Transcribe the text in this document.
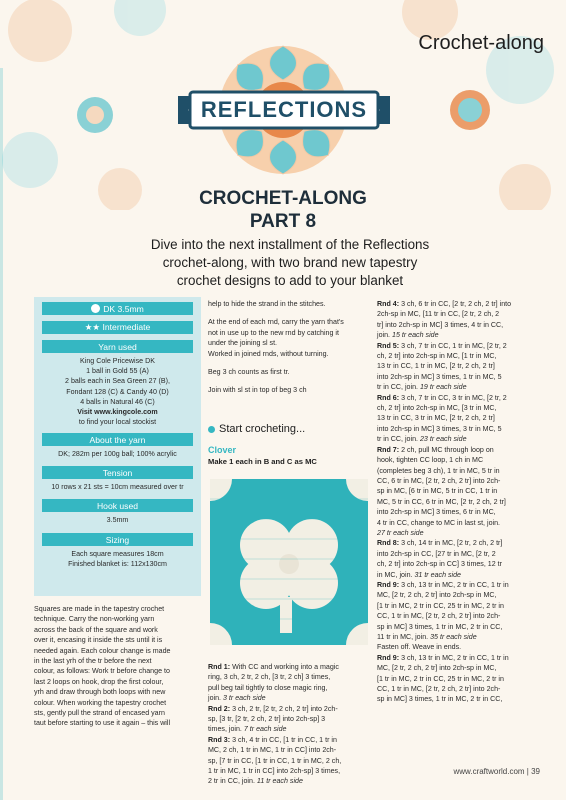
Crochet-along
REFLECTIONS
CROCHET-ALONG
PART 8
Dive into the next installment of the Reflections
crochet-along, with two brand new tapestry
crochet designs to add to your blanket
DK 3.5mm
★★ Intermediate
Yarn used
King Cole Pricewise DK
1 ball in Gold 55 (A)
2 balls each in Sea Green 27 (B),
Fondant 128 (C) & Candy 40 (D)
4 balls in Natural 46 (C)
Visit www.kingcole.com
to find your local stockist
About the yarn
DK; 282m per 100g ball; 100% acrylic
Tension
10 rows x 21 sts = 10cm measured over tr
Hook used
3.5mm
Sizing
Each square measures 18cm
Finished blanket is: 112x130cm
Squares are made in the tapestry crochet
technique. Carry the non-working yarn
across the back of the square and work
over it, encasing it inside the sts until it is
needed again. Each colour change is made
in the last yrh of the tr before the next
colour, as follows: Work tr before change to
last 2 loops on hook, drop the first colour,
yrh and draw through both loops with new
colour. When working the tapestry crochet
sts, gently pull the strand of encased yarn
taut before starting to use it again – this will
help to hide the strand in the stitches.
At the end of each rnd, carry the yarn that's
not in use up to the new rnd by catching it
under the joining sl st.
Worked in joined rnds, without turning.
Beg 3 ch counts as first tr.
Join with sl st in top of beg 3 ch
Start crocheting...
Clover
Make 1 each in B and C as MC
Rnd 1: With CC and working into a magic
ring, 3 ch, 2 tr, 2 ch, [3 tr, 2 ch] 3 times,
pull beg tail tightly to close magic ring,
join. 3 tr each side
Rnd 2: 3 ch, 2 tr, [2 tr, 2 ch, 2 tr] into 2ch-
sp, [3 tr, [2 tr, 2 ch, 2 tr] into 2ch-sp] 3
times, join. 7 tr each side
Rnd 3: 3 ch, 4 tr in CC, [1 tr in CC, 1 tr in
MC, 2 ch, 1 tr in MC, 1 tr in CC] into 2ch-
sp, [7 tr in CC, [1 tr in CC, 1 tr in MC, 2 ch,
1 tr in MC, 1 tr in CC] into 2ch-sp] 3 times,
2 tr in CC, join. 11 tr each side
Rnd 4: 3 ch, 6 tr in CC, [2 tr, 2 ch, 2 tr] into
2ch-sp in MC, [11 tr in CC, [2 tr, 2 ch, 2
tr] into 2ch-sp in MC] 3 times, 4 tr in CC,
join. 15 tr each side
Rnd 5: 3 ch, 7 tr in CC, 1 tr in MC, [2 tr, 2
ch, 2 tr] into 2ch-sp in MC, [1 tr in MC,
13 tr in CC, 1 tr in MC, [2 tr, 2 ch, 2 tr]
into 2ch-sp in MC] 3 times, 1 tr in MC, 5
tr in CC, join. 19 tr each side
Rnd 6: 3 ch, 7 tr in CC, 3 tr in MC, [2 tr, 2
ch, 2 tr] into 2ch-sp in MC, [3 tr in MC,
13 tr in CC, 3 tr in MC, [2 tr, 2 ch, 2 tr]
into 2ch-sp in MC] 3 times, 3 tr in MC, 5
tr in CC, join. 23 tr each side
Rnd 7: 2 ch, pull MC through loop on
hook, tighten CC loop, 1 ch in MC
(completes beg 3 ch), 1 tr in MC, 5 tr in
CC, 6 tr in MC, [2 tr, 2 ch, 2 tr] into 2ch-
sp in MC, [6 tr in MC, 5 tr in CC, 1 tr in
MC, 5 tr in CC, 6 tr in MC, [2 tr, 2 ch, 2 tr]
into 2ch-sp in MC] 3 times, 6 tr in MC,
4 tr in CC, change to MC in last st, join.
27 tr each side
Rnd 8: 3 ch, 14 tr in MC, [2 tr, 2 ch, 2 tr]
into 2ch-sp in CC, [27 tr in MC, [2 tr, 2
ch, 2 tr] into 2ch-sp in CC] 3 times, 12 tr
in MC, join. 31 tr each side
Rnd 9: 3 ch, 13 tr in MC, 2 tr in CC, 1 tr in
MC, [2 tr, 2 ch, 2 tr] into 2ch-sp in MC,
[1 tr in MC, 2 tr in CC, 25 tr in MC, 2 tr in
CC, 1 tr in MC, [2 tr, 2 ch, 2 tr] into 2ch-
sp in MC] 3 times, 1 tr in MC, 2 tr in CC,
11 tr in MC, join. 35 tr each side
Fasten off. Weave in ends.
Rnd 9: 3 ch, 13 tr in MC, 2 tr in CC, 1 tr in
MC, [2 tr, 2 ch, 2 tr] into 2ch-sp in MC,
[1 tr in MC, 2 tr in CC, 25 tr in MC, 2 tr in
CC, 1 tr in MC, [2 tr, 2 ch, 2 tr] into 2ch-
sp in MC] 3 times, 1 tr in MC, 2 tr in CC,
www.craftworld.com | 39
